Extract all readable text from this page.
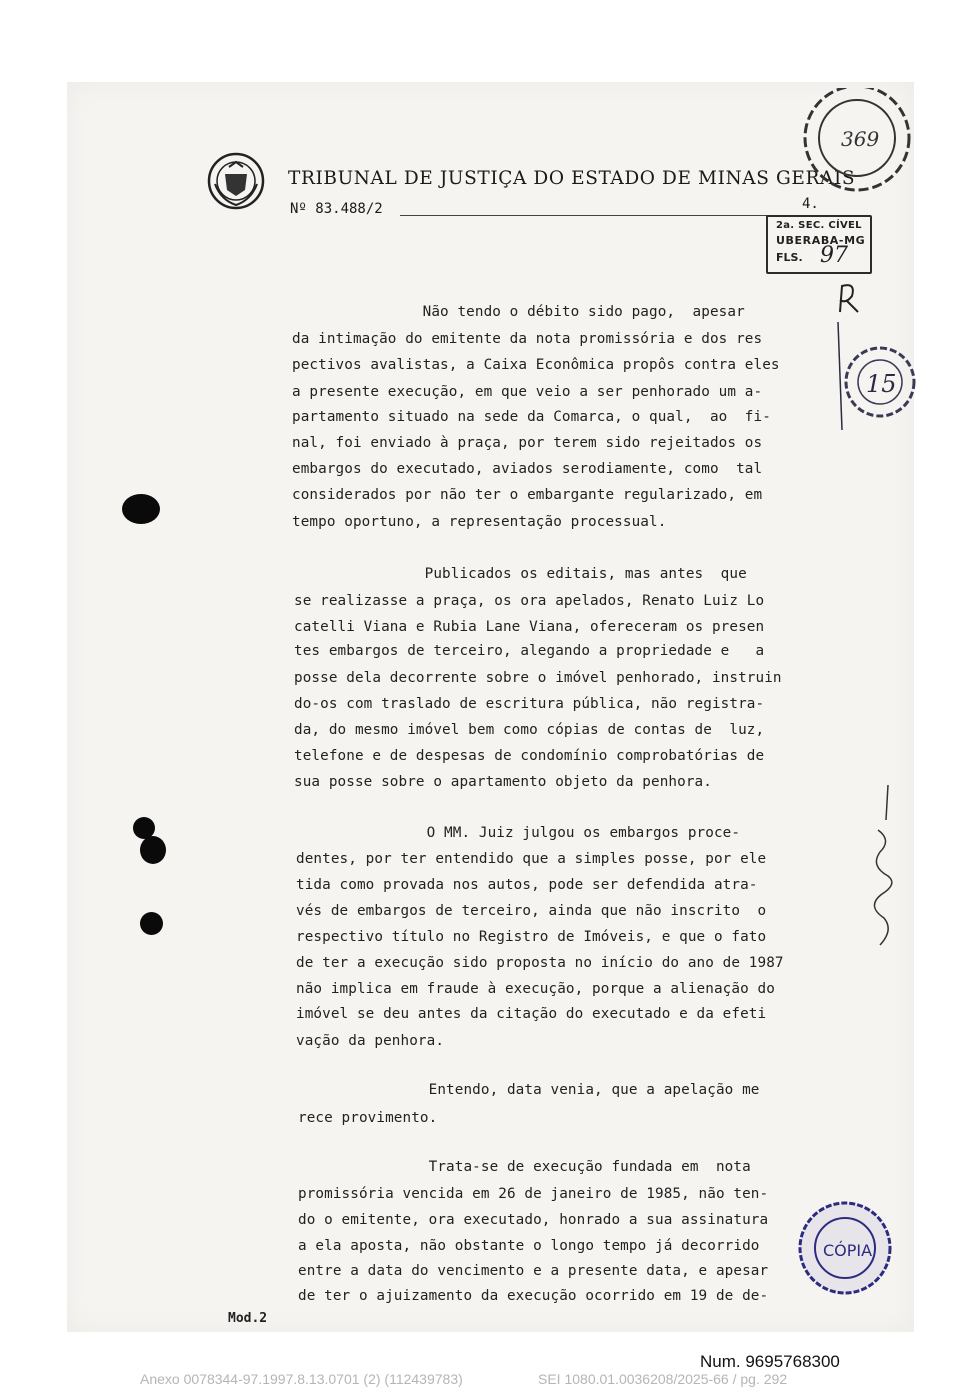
TRIBUNAL DE JUSTIÇA DO ESTADO DE MINAS GERAIS
Nº 83.488/2	4.
369
2a. SEC. CÍVEL
UBERABA-MG
FLS. 97
15
Não tendo o débito sido pago,  apesar
da intimação do emitente da nota promissória e dos res
pectivos avalistas, a Caixa Econômica propôs contra eles
a presente execução, em que veio a ser penhorado um a-
partamento situado na sede da Comarca, o qual,  ao  fi-
nal, foi enviado à praça, por terem sido rejeitados os
embargos do executado, aviados serodiamente, como  tal
considerados por não ter o embargante regularizado, em
tempo oportuno, a representação processual.
Publicados os editais, mas antes  que
se realizasse a praça, os ora apelados, Renato Luiz Lo
catelli Viana e Rubia Lane Viana, ofereceram os presen
tes embargos de terceiro, alegando a propriedade e   a
posse dela decorrente sobre o imóvel penhorado, instruin
do-os com traslado de escritura pública, não registra-
da, do mesmo imóvel bem como cópias de contas de  luz,
telefone e de despesas de condomínio comprobatórias de
sua posse sobre o apartamento objeto da penhora.
O MM. Juiz julgou os embargos proce-
dentes, por ter entendido que a simples posse, por ele
tida como provada nos autos, pode ser defendida atra-
vés de embargos de terceiro, ainda que não inscrito  o
respectivo título no Registro de Imóveis, e que o fato
de ter a execução sido proposta no início do ano de 1987
não implica em fraude à execução, porque a alienação do
imóvel se deu antes da citação do executado e da efeti
vação da penhora.
Entendo, data venia, que a apelação me
rece provimento.
Trata-se de execução fundada em  nota
promissória vencida em 26 de janeiro de 1985, não ten-
do o emitente, ora executado, honrado a sua assinatura
a ela aposta, não obstante o longo tempo já decorrido
entre a data do vencimento e a presente data, e apesar
de ter o ajuizamento da execução ocorrido em 19 de de-
CÓPIA
Mod.2
Num. 9695768300
Anexo 0078344-97.1997.8.13.0701 (2) (112439783)	SEI 1080.01.0036208/2025-66 / pg. 292
